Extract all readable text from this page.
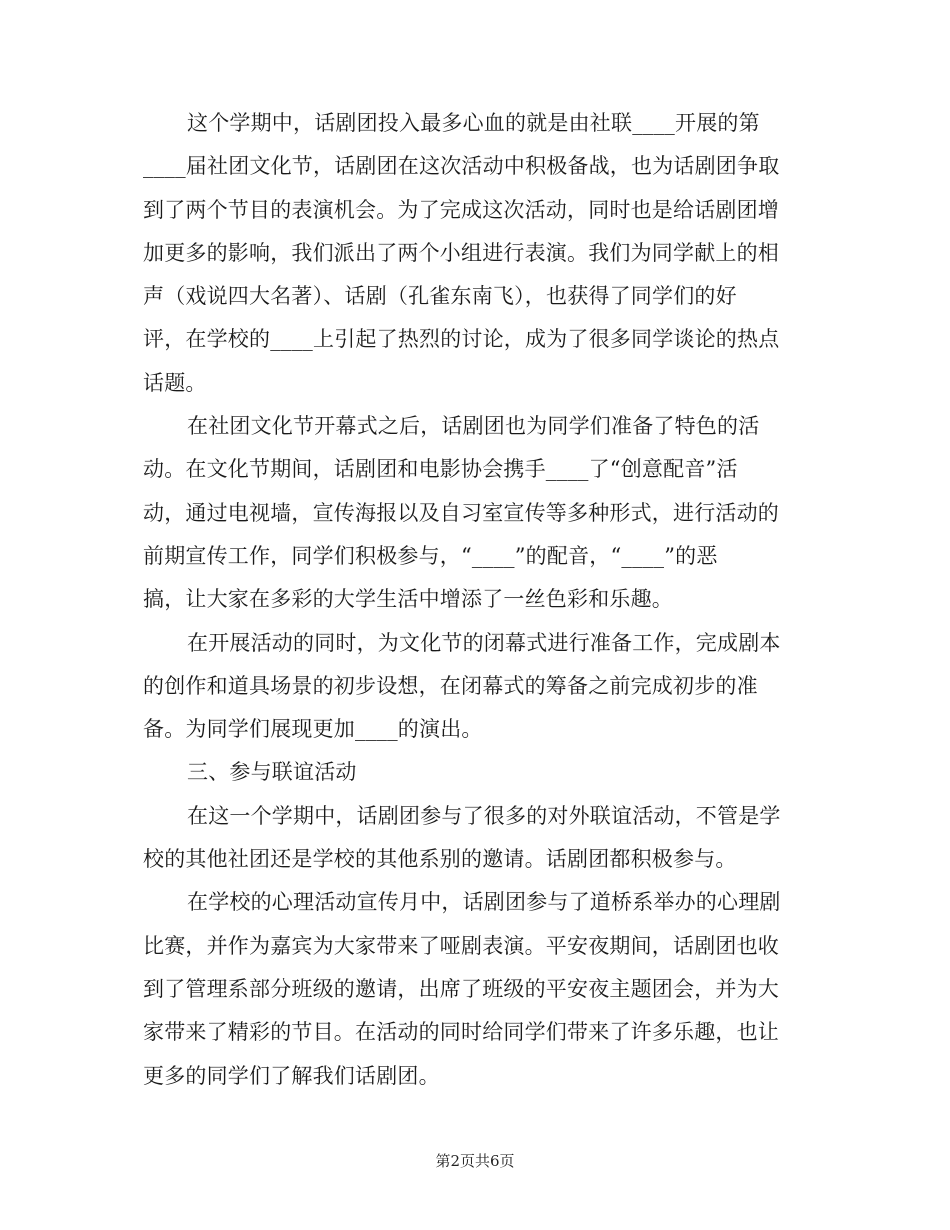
这个学期中，话剧团投入最多心血的就是由社联____开展的第
____届社团文化节，话剧团在这次活动中积极备战，也为话剧团争取
到了两个节目的表演机会。为了完成这次活动，同时也是给话剧团增
加更多的影响，我们派出了两个小组进行表演。我们为同学献上的相
声（戏说四大名著）、话剧（孔雀东南飞），也获得了同学们的好
评，在学校的____上引起了热烈的讨论，成为了很多同学谈论的热点
话题。
在社团文化节开幕式之后，话剧团也为同学们准备了特色的活
动。在文化节期间，话剧团和电影协会携手____了“创意配音”活
动，通过电视墙，宣传海报以及自习室宣传等多种形式，进行活动的
前期宣传工作，同学们积极参与，“____”的配音，“____”的恶
搞，让大家在多彩的大学生活中增添了一丝色彩和乐趣。
在开展活动的同时，为文化节的闭幕式进行准备工作，完成剧本
的创作和道具场景的初步设想，在闭幕式的筹备之前完成初步的准
备。为同学们展现更加____的演出。
三、参与联谊活动
在这一个学期中，话剧团参与了很多的对外联谊活动，不管是学
校的其他社团还是学校的其他系别的邀请。话剧团都积极参与。
在学校的心理活动宣传月中，话剧团参与了道桥系举办的心理剧
比赛，并作为嘉宾为大家带来了哑剧表演。平安夜期间，话剧团也收
到了管理系部分班级的邀请，出席了班级的平安夜主题团会，并为大
家带来了精彩的节目。在活动的同时给同学们带来了许多乐趣，也让
更多的同学们了解我们话剧团。
第2页共6页
